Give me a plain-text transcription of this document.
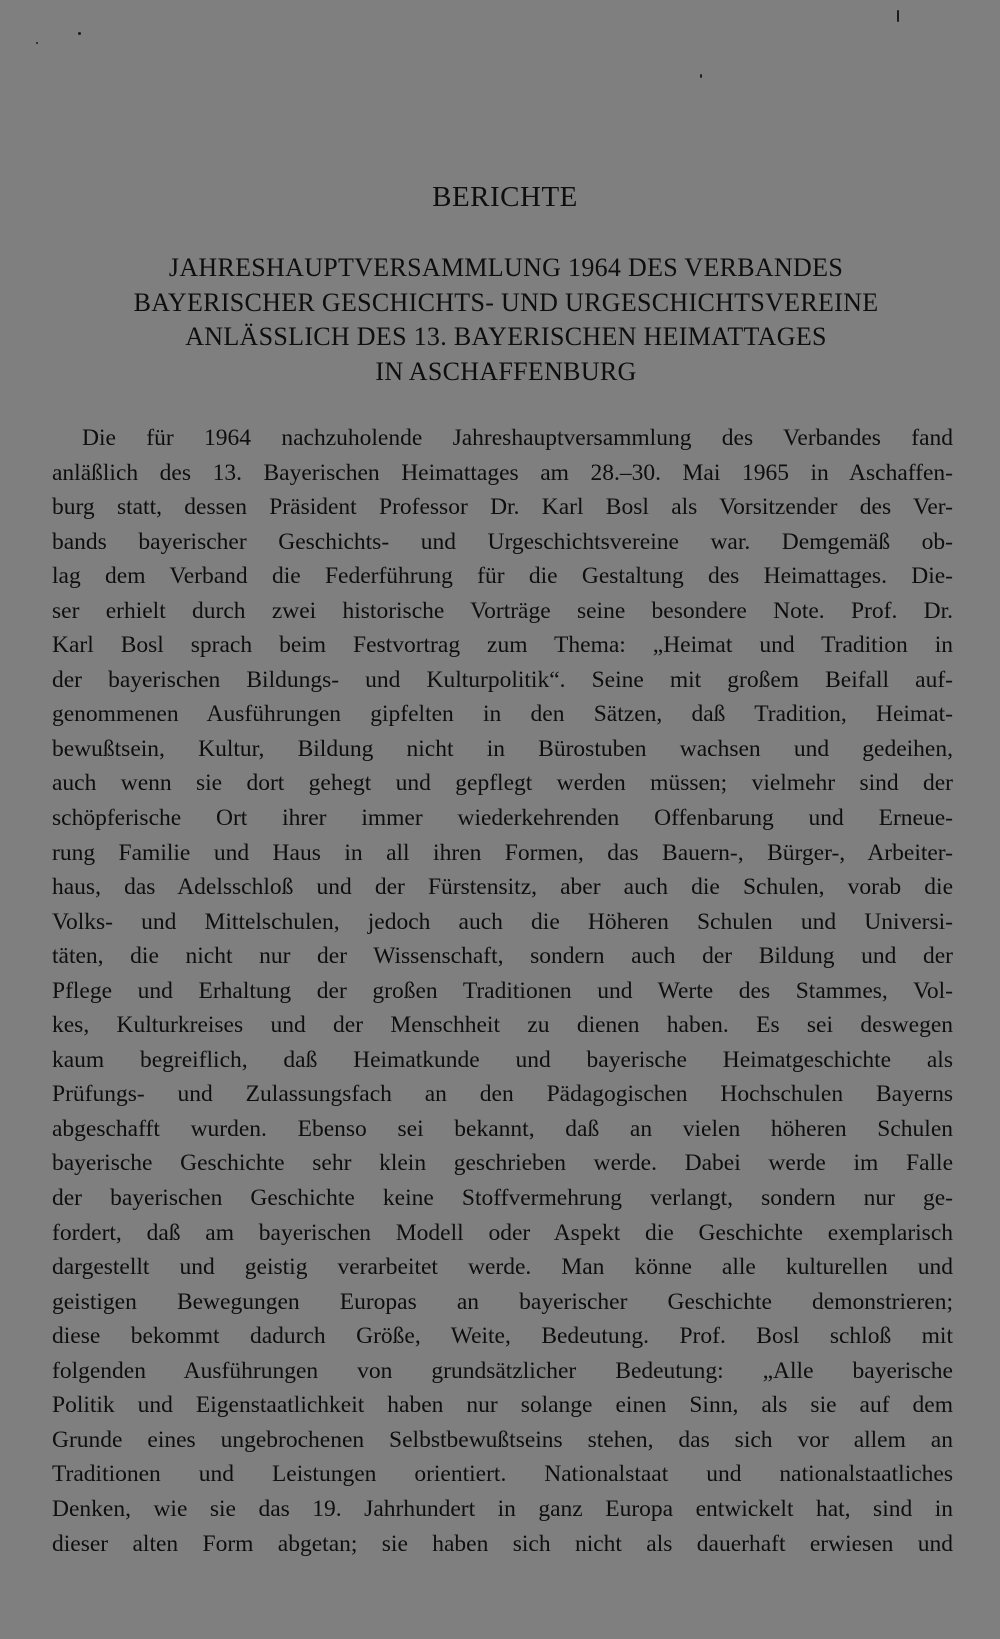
BERICHTE
JAHRESHAUPTVERSAMMLUNG 1964 DES VERBANDES
BAYERISCHER GESCHICHTS- UND URGESCHICHTSVEREINE
ANLÄSSLICH DES 13. BAYERISCHEN HEIMATTAGES
IN ASCHAFFENBURG
Die für 1964 nachzuholende Jahreshauptversammlung des Verbandes fand
anläßlich des 13. Bayerischen Heimattages am 28.–30. Mai 1965 in Aschaffen-
burg statt, dessen Präsident Professor Dr. Karl Bosl als Vorsitzender des Ver-
bands bayerischer Geschichts- und Urgeschichtsvereine war. Demgemäß ob-
lag dem Verband die Federführung für die Gestaltung des Heimattages. Die-
ser erhielt durch zwei historische Vorträge seine besondere Note. Prof. Dr.
Karl Bosl sprach beim Festvortrag zum Thema: „Heimat und Tradition in
der bayerischen Bildungs- und Kulturpolitik“. Seine mit großem Beifall auf-
genommenen Ausführungen gipfelten in den Sätzen, daß Tradition, Heimat-
bewußtsein, Kultur, Bildung nicht in Bürostuben wachsen und gedeihen,
auch wenn sie dort gehegt und gepflegt werden müssen; vielmehr sind der
schöpferische Ort ihrer immer wiederkehrenden Offenbarung und Erneue-
rung Familie und Haus in all ihren Formen, das Bauern-, Bürger-, Arbeiter-
haus, das Adelsschloß und der Fürstensitz, aber auch die Schulen, vorab die
Volks- und Mittelschulen, jedoch auch die Höheren Schulen und Universi-
täten, die nicht nur der Wissenschaft, sondern auch der Bildung und der
Pflege und Erhaltung der großen Traditionen und Werte des Stammes, Vol-
kes, Kulturkreises und der Menschheit zu dienen haben. Es sei deswegen
kaum begreiflich, daß Heimatkunde und bayerische Heimatgeschichte als
Prüfungs- und Zulassungsfach an den Pädagogischen Hochschulen Bayerns
abgeschafft wurden. Ebenso sei bekannt, daß an vielen höheren Schulen
bayerische Geschichte sehr klein geschrieben werde. Dabei werde im Falle
der bayerischen Geschichte keine Stoffvermehrung verlangt, sondern nur ge-
fordert, daß am bayerischen Modell oder Aspekt die Geschichte exemplarisch
dargestellt und geistig verarbeitet werde. Man könne alle kulturellen und
geistigen Bewegungen Europas an bayerischer Geschichte demonstrieren;
diese bekommt dadurch Größe, Weite, Bedeutung. Prof. Bosl schloß mit
folgenden Ausführungen von grundsätzlicher Bedeutung: „Alle bayerische
Politik und Eigenstaatlichkeit haben nur solange einen Sinn, als sie auf dem
Grunde eines ungebrochenen Selbstbewußtseins stehen, das sich vor allem an
Traditionen und Leistungen orientiert. Nationalstaat und nationalstaatliches
Denken, wie sie das 19. Jahrhundert in ganz Europa entwickelt hat, sind in
dieser alten Form abgetan; sie haben sich nicht als dauerhaft erwiesen und
